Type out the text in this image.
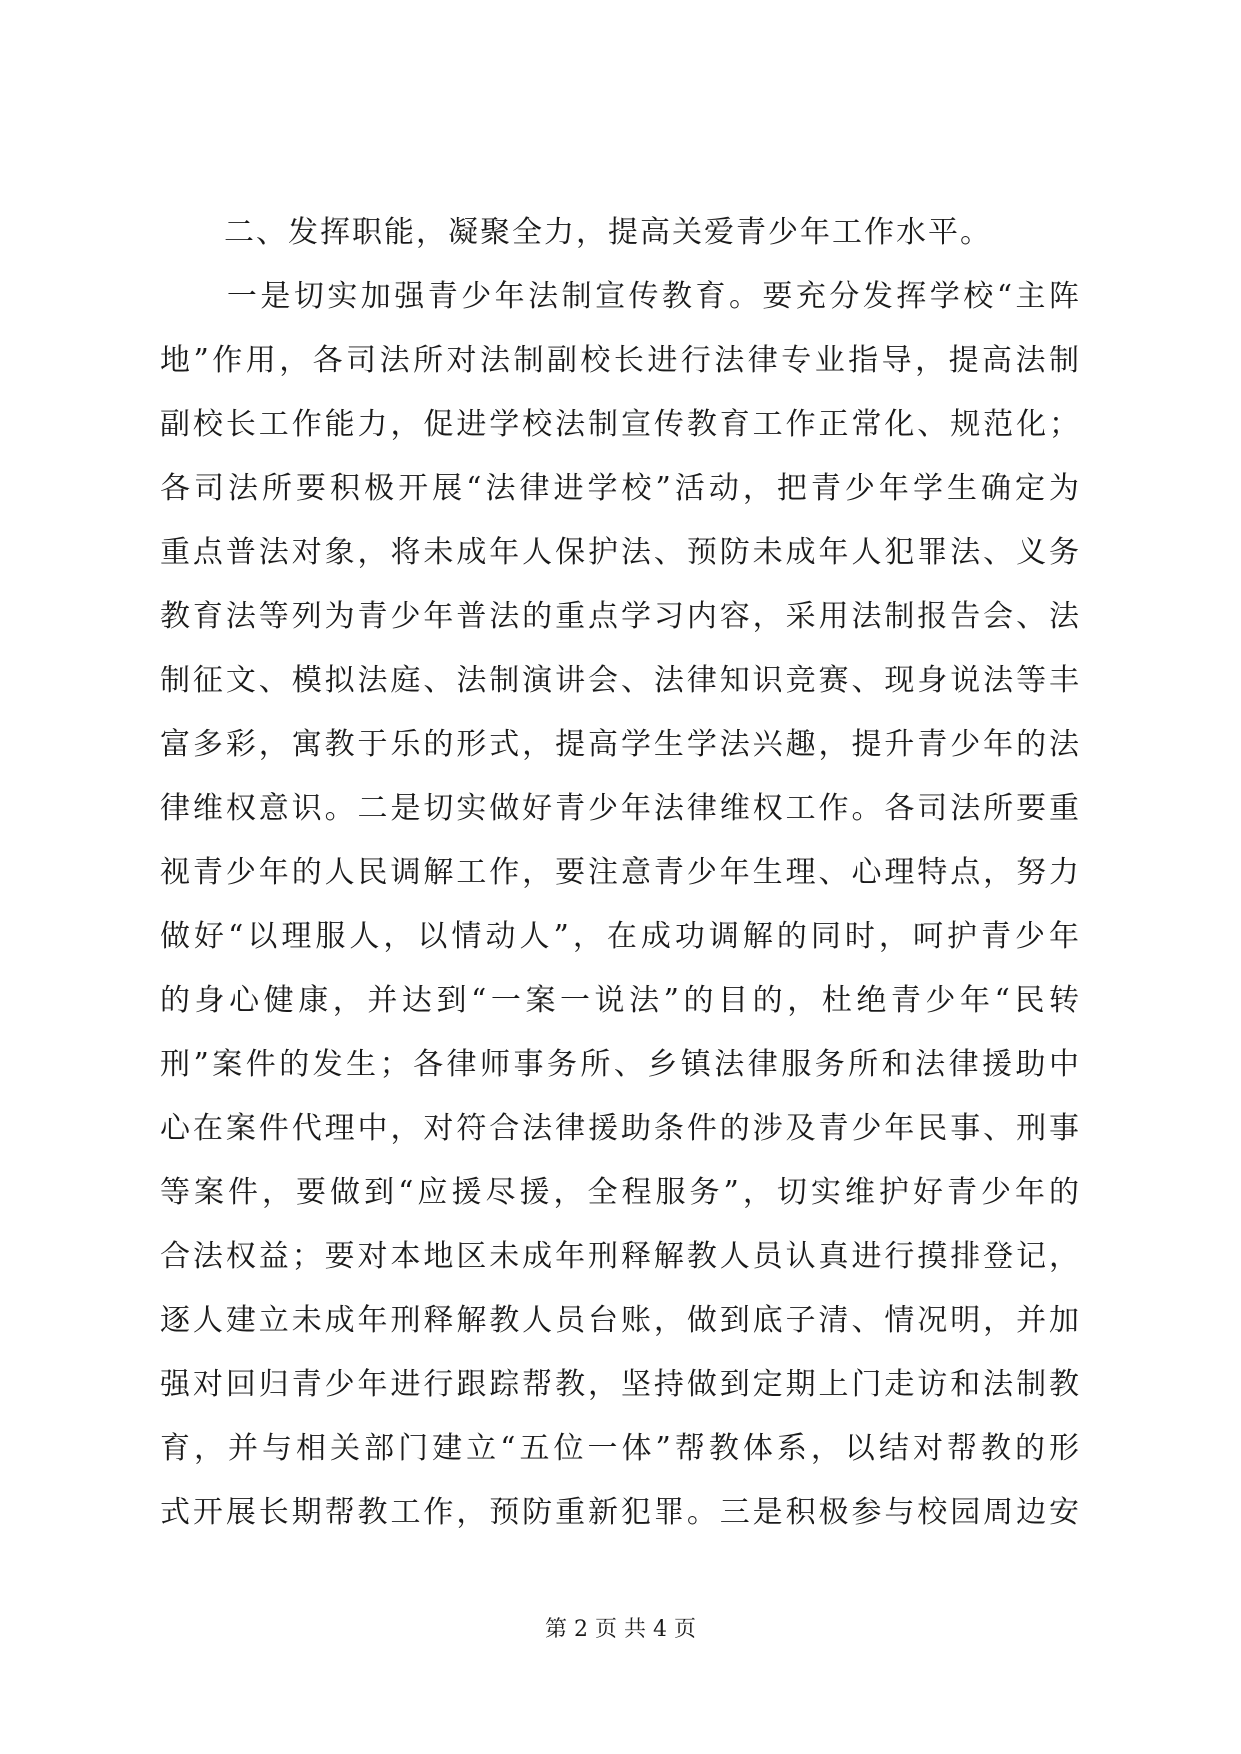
　　二、发挥职能，凝聚全力，提高关爱青少年工作水平。
　　一是切实加强青少年法制宣传教育。要充分发挥学校“主阵
地”作用，各司法所对法制副校长进行法律专业指导，提高法制
副校长工作能力，促进学校法制宣传教育工作正常化、规范化；
各司法所要积极开展“法律进学校”活动，把青少年学生确定为
重点普法对象，将未成年人保护法、预防未成年人犯罪法、义务
教育法等列为青少年普法的重点学习内容，采用法制报告会、法
制征文、模拟法庭、法制演讲会、法律知识竞赛、现身说法等丰
富多彩，寓教于乐的形式，提高学生学法兴趣，提升青少年的法
律维权意识。二是切实做好青少年法律维权工作。各司法所要重
视青少年的人民调解工作，要注意青少年生理、心理特点，努力
做好“以理服人，以情动人”，在成功调解的同时，呵护青少年
的身心健康，并达到“一案一说法”的目的，杜绝青少年“民转
刑”案件的发生；各律师事务所、乡镇法律服务所和法律援助中
心在案件代理中，对符合法律援助条件的涉及青少年民事、刑事
等案件，要做到“应援尽援，全程服务”，切实维护好青少年的
合法权益；要对本地区未成年刑释解教人员认真进行摸排登记，
逐人建立未成年刑释解教人员台账，做到底子清、情况明，并加
强对回归青少年进行跟踪帮教，坚持做到定期上门走访和法制教
育，并与相关部门建立“五位一体”帮教体系，以结对帮教的形
式开展长期帮教工作，预防重新犯罪。三是积极参与校园周边安
第 2 页 共 4 页
